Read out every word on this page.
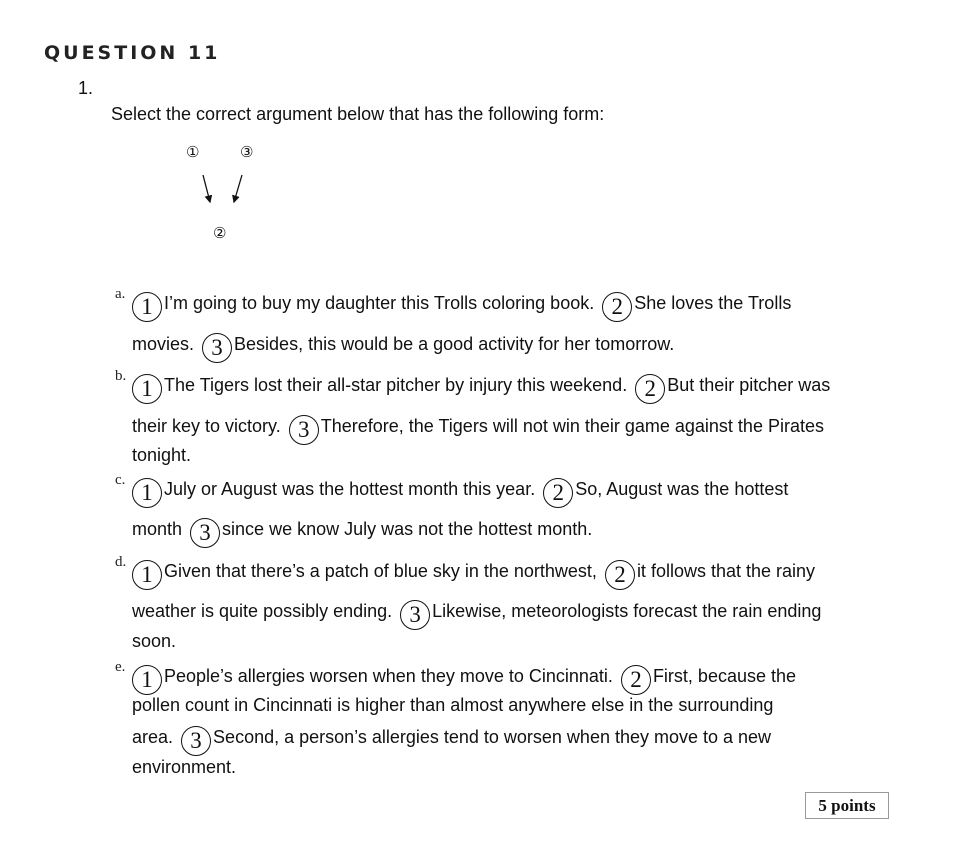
QUESTION 11
1.
Select the correct argument below that has the following form:
①	③
②
a. 1 I’m going to buy my daughter this Trolls coloring book. 2 She loves the Trolls
movies. 3 Besides, this would be a good activity for her tomorrow.
b. 1 The Tigers lost their all-star pitcher by injury this weekend. 2 But their pitcher was
their key to victory. 3 Therefore, the Tigers will not win their game against the Pirates
tonight.
c. 1 July or August was the hottest month this year. 2 So, August was the hottest
month 3 since we know July was not the hottest month.
d. 1 Given that there’s a patch of blue sky in the northwest, 2 it follows that the rainy
weather is quite possibly ending. 3 Likewise, meteorologists forecast the rain ending
soon.
e. 1 People’s allergies worsen when they move to Cincinnati. 2 First, because the
pollen count in Cincinnati is higher than almost anywhere else in the surrounding
area. 3 Second, a person’s allergies tend to worsen when they move to a new
environment.
5 points
